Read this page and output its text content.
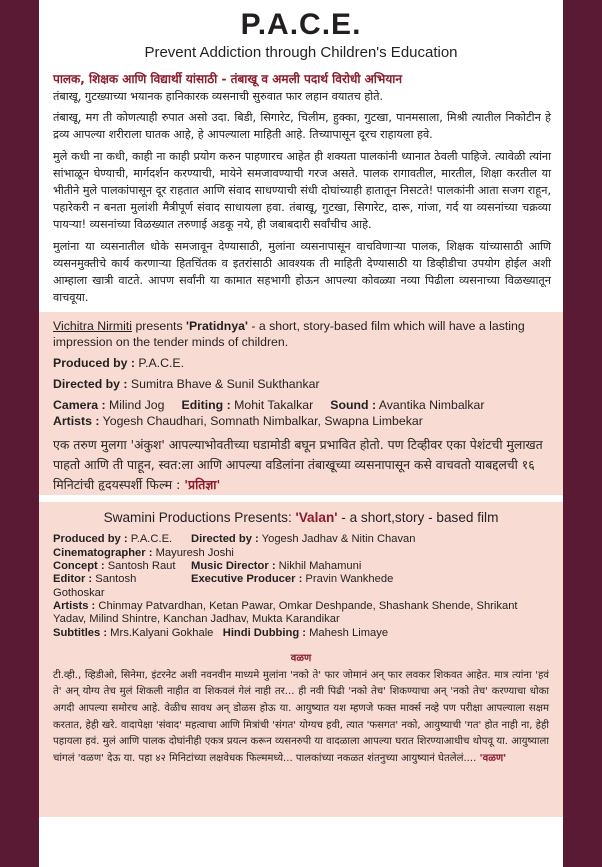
P.A.C.E.
Prevent Addiction through Children's Education
पालक, शिक्षक आणि विद्यार्थी यांसाठी - तंबाखू व अमली पदार्थ विरोधी अभियान

तंबाखू, गुटख्याच्या भयानक हानिकारक व्यसनाची सुरुवात फार लहान वयातच होते.

तंबाखू, मग ती कोणत्याही रुपात असो उदा. बिडी, सिगारेट, चिलीम, हुक्का, गुटखा, पानमसाला, मिश्री त्यातील निकोटीन हे द्रव्य आपल्या शरीराला घातक आहे, हे आपल्याला माहिती आहे. तिच्यापासून दूरच राहायला हवे.

मुले कधी ना कधी, काही ना काही प्रयोग करुन पाहणारच आहेत ही शक्यता पालकांनी ध्यानात ठेवली पाहिजे. त्यावेळी त्यांना सांभाळून घेण्याची, मार्गदर्शन करण्याची, मायेने समजावण्याची गरज असते. पालक रागावतील, मारतील, शिक्षा करतील या भीतीने मुले पालकांपासून दूर राहतात आणि संवाद साधण्याची संधी दोघांच्याही हातातून निसटते! पालकांनी आता सजग राहून, पहारेकरी न बनता मुलांशी मैत्रीपूर्ण संवाद साधायला हवा. तंबाखू, गुटखा, सिगारेट, दारू, गांजा, गर्द या व्यसनांच्या चक्रव्या पायऱ्या! व्यसनांच्या विळख्यात तरुणाई अडकू नये, ही जबाबदारी सर्वांचीच आहे.

मुलांना या व्यसनातील धोके समजावून देण्यासाठी, मुलांना व्यसनापासून वाचविणाऱ्या पालक, शिक्षक यांच्यासाठी आणि व्यसनमुक्तीचे कार्य करणाऱ्या हितचिंतक व इतरांसाठी आवश्यक ती माहिती देण्यासाठी या डिव्हीडीचा उपयोग होईल अशी आम्हाला खात्री वाटते. आपण सर्वांनी या कामात सहभागी होऊन आपल्या कोवळ्या नव्या पिढीला व्यसनाच्या विळख्यातून वाचवूया.

Vichitra Nirmiti presents 'Pratidnya' - a short, story-based film which will have a lasting impression on the tender minds of children.
Produced by : P.A.C.E.
Directed by : Sumitra Bhave & Sunil Sukthankar
Camera : Milind Jog Editing : Mohit Takalkar Sound : Avantika Nimbalkar
Artists : Yogesh Chaudhari, Somnath Nimbalkar, Swapna Limbekar
एक तरुण मुलगा 'अंकुश' आपल्याभोवतीच्या घडामोडी बघून प्रभावित होतो. पण टिव्हीवर एका पेशंटची मुलाखत पाहतो आणि ती पाहून, स्वत:ला आणि आपल्या वडिलांना तंबाखूच्या व्यसनापासून कसे वाचवतो याबद्दलची १६ मिनिटांची हृदयस्पर्शी फिल्म : 'प्रतिज्ञा'
Swamini Productions Presents: 'Valan' - a short,story - based film
Produced by : P.A.C.E.	Directed by : Yogesh Jadhav & Nitin Chavan
Cinematographer : Mayuresh Joshi
Concept : Santosh Raut	Music Director : Nikhil Mahamuni
Editor : Santosh Gothoskar
Executive Producer : Pravin Wankhede
Artists : Chinmay Patvardhan, Ketan Pawar, Omkar Deshpande, Shashank Shende, Shrikant Yadav, Milind Shintre, Kanchan Jadhav, Mukta Karandikar
Subtitles : Mrs.Kalyani Gokhale Hindi Dubbing : Mahesh Limaye
वळण
टी.व्ही., व्हिडीओ, सिनेमा, इंटरनेट अशी नवनवीन माध्यमे मुलांना 'नको ते' फार जोमानं अन् फार लवकर शिकवत आहेत. मात्र त्यांना 'हवं ते' अन् योग्य तेच मुलं शिकली नाहीत वा शिकवलं गेलं नाही तर... ही नवी पिढी 'नको तेच' शिकण्याचा अन् 'नको तेच' करण्याचा धोका अगदी आपल्या समोरच आहे. वेळीच सावध अन् डोळस होऊ या. आयुष्यात यश म्हणजे फक्त मार्क्स नव्हे पण परीक्षा आपल्याला सक्षम करतात, हेही खरे. वादापेक्षा 'संवाद' महत्वाचा आणि मित्रांची 'संगत' योग्यच हवी, त्यात 'फसगत' नको, आयुष्याची 'गत' होत नाही ना, हेही पहायला हवं. मुलं आणि पालक दोघांनीही एकत्र प्रयत्न करून व्यसनरुपी या वादळाला आपल्या घरात शिरण्याआधीच थोपवू या. आयुष्याला चांगलं 'वळण' देऊ या. पहा ४२ मिनिटांच्या लक्षवेधक फिल्ममध्ये... पालकांच्या नकळत शंतनुच्या आयुष्यानं घेतलेलं.... 'वळण'
